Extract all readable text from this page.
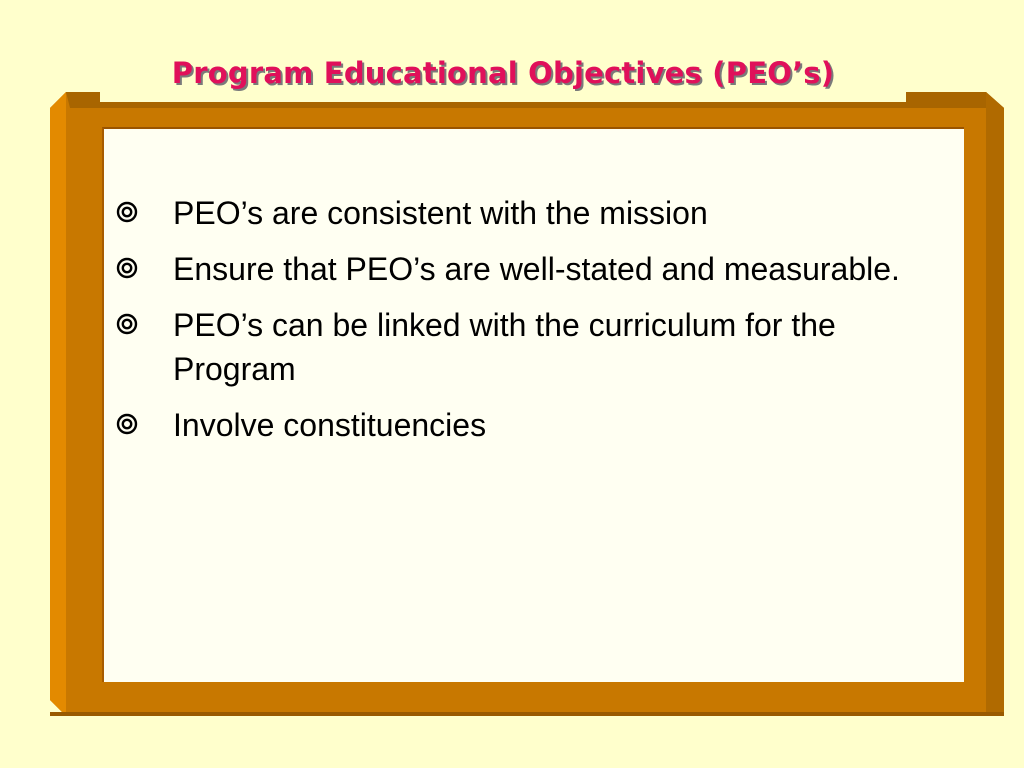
Program Educational Objectives (PEO’s)
PEO’s are consistent with the mission
Ensure that PEO’s are well-stated and measurable.
PEO’s can be linked with the curriculum for the Program
Involve constituencies
